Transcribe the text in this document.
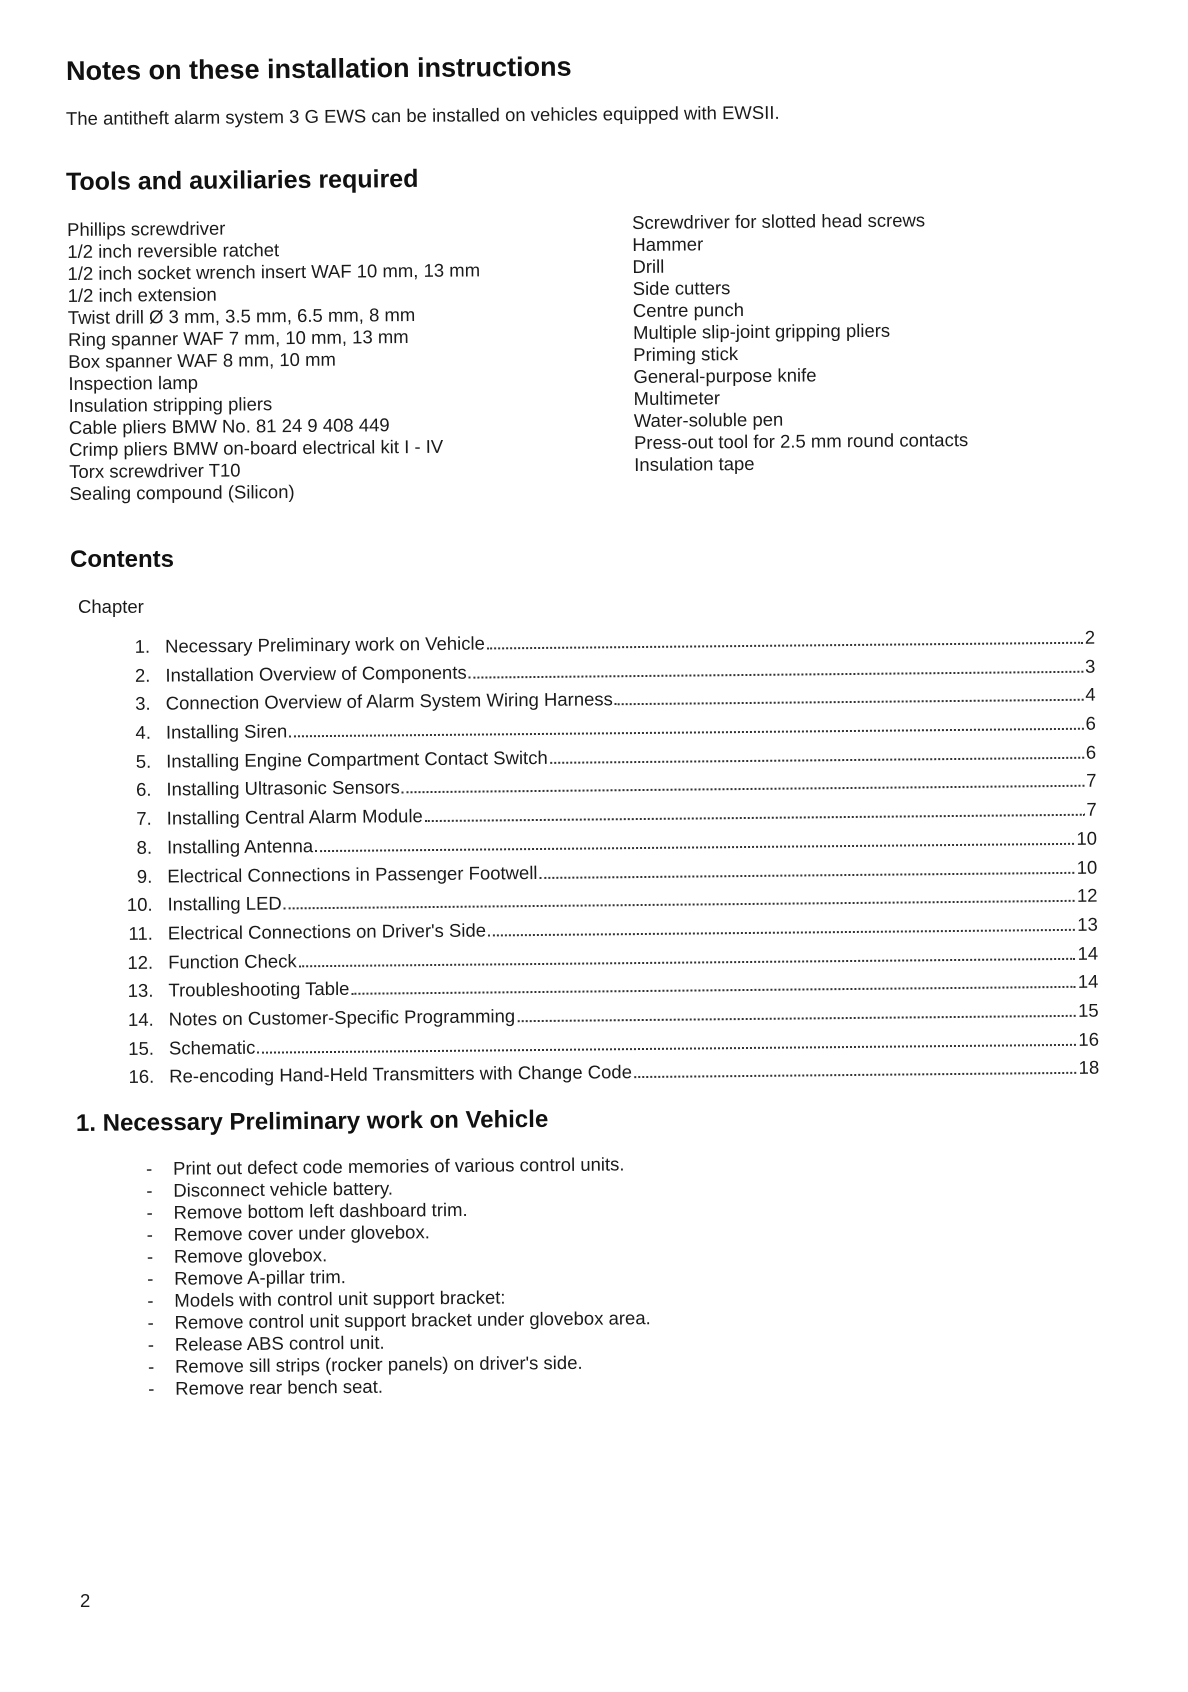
Notes on these installation instructions

The antitheft alarm system 3 G EWS can be installed on vehicles equipped with EWSII.

Tools and auxiliaries required
Phillips screwdriver
1/2 inch reversible ratchet
1/2 inch socket wrench insert WAF 10 mm, 13 mm
1/2 inch extension
Twist drill Ø 3 mm, 3.5 mm, 6.5 mm, 8 mm
Ring spanner WAF 7 mm, 10 mm, 13 mm
Box spanner WAF 8 mm, 10 mm
Inspection lamp
Insulation stripping pliers
Cable pliers BMW No. 81 24 9 408 449
Crimp pliers BMW on-board electrical kit I - IV
Torx screwdriver T10
Sealing compound (Silicon)
Screwdriver for slotted head screws
Hammer
Drill
Side cutters
Centre punch
Multiple slip-joint gripping pliers
Priming stick
General-purpose knife
Multimeter
Water-soluble pen
Press-out tool for 2.5 mm round contacts
Insulation tape
Contents

Chapter

1. Necessary Preliminary work on Vehicle	2
2. Installation Overview of Components	3
3. Connection Overview of Alarm System Wiring Harness	4
4. Installing Siren	6
5. Installing Engine Compartment Contact Switch	6
6. Installing Ultrasonic Sensors	7
7. Installing Central Alarm Module	7
8. Installing Antenna	10
9. Electrical Connections in Passenger Footwell	10
10. Installing LED	12
11. Electrical Connections on Driver's Side	13
12. Function Check	14
13. Troubleshooting Table	14
14. Notes on Customer-Specific Programming	15
15. Schematic	16
16. Re-encoding Hand-Held Transmitters with Change Code	18
1. Necessary Preliminary work on Vehicle
-	Print out defect code memories of various control units.
-	Disconnect vehicle battery.
-	Remove bottom left dashboard trim.
-	Remove cover under glovebox.
-	Remove glovebox.
-	Remove A-pillar trim.
-	Models with control unit support bracket:
-	Remove control unit support bracket under glovebox area.
-	Release ABS control unit.
-	Remove sill strips (rocker panels) on driver's side.
-	Remove rear bench seat.

2
